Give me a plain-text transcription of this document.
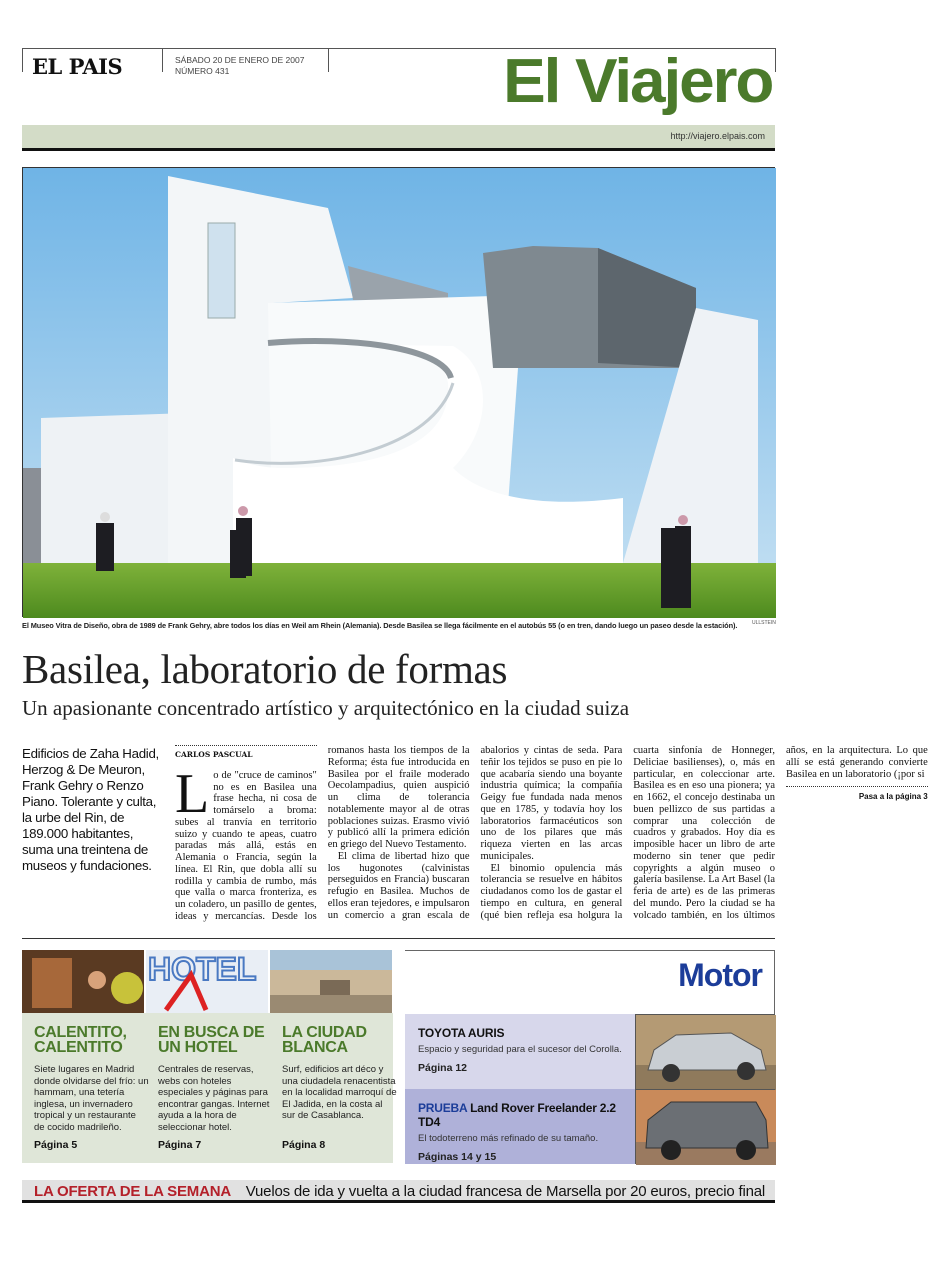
EL PAIS	SÁBADO 20 DE ENERO DE 2007
NÚMERO 431	El Viajero
http://viajero.elpais.com
El Museo Vitra de Diseño, obra de 1989 de Frank Gehry, abre todos los días en Weil am Rhein (Alemania). Desde Basilea se llega fácilmente en el autobús 55 (o en tren, dando luego un paseo desde la estación).	ULLSTEIN
Basilea, laboratorio de formas
Un apasionante concentrado artístico y arquitectónico en la ciudad suiza
Edificios de Zaha Hadid, Herzog & De Meuron, Frank Gehry o Renzo Piano. Tolerante y culta, la urbe del Rin, de 189.000 habitantes, suma una treintena de museos y fundaciones.
CARLOS PASCUAL

Lo de "cruce de caminos" no es en Basilea una frase hecha, ni cosa de tomárselo a broma: subes al tranvía en territorio suizo y cuando te apeas, cuatro paradas más allá, estás en Alemania o Francia, según la línea. El Rin, que dobla allí su rodilla y cambia de rumbo, más que valla o marca fronteriza, es un coladero, un pasillo de gentes, ideas y mercancías. Desde los romanos hasta los tiempos de la Reforma; ésta fue introducida en Basilea por el fraile moderado Oecolampadius, quien auspició un clima de tolerancia notablemente mayor al de otras poblaciones suizas. Erasmo vivió y publicó allí la primera edición en griego del Nuevo Testamento.

El clima de libertad hizo que los hugonotes (calvinistas perseguidos en Francia) buscaran refugio en Basilea. Muchos de ellos eran tejedores, e impulsaron un comercio a gran escala de abalorios y cintas de seda. Para teñir los tejidos se puso en pie lo que acabaría siendo una boyante industria química; la compañía Geigy fue fundada nada menos que en 1785, y todavía hoy los laboratorios farmacéuticos son uno de los pilares que más riqueza vierten en las arcas municipales.

El binomio opulencia más tolerancia se resuelve en hábitos ciudadanos como los de gastar el tiempo en cultura, en general (qué bien refleja esa holgura la cuarta sinfonía de Honneger, Deliciae basilienses), o, más en particular, en coleccionar arte. Basilea es en eso una pionera; ya en 1662, el concejo destinaba un buen pellizco de sus partidas a comprar una colección de cuadros y grabados. Hoy día es imposible hacer un libro de arte moderno sin tener que pedir copyrights a algún museo o galería basilense. La Art Basel (la feria de arte) es de las primeras del mundo. Pero la ciudad se ha volcado también, en los últimos años, en la arquitectura. Lo que allí se está generando convierte Basilea en un laboratorio (¡por si

Pasa a la página 3
HOTEL
CALENTITO, CALENTITO

Siete lugares en Madrid donde olvidarse del frío: un hammam, una tetería inglesa, un invernadero tropical y un restaurante de cocido madrileño.

Página 5
EN BUSCA DE UN HOTEL

Centrales de reservas, webs con hoteles especiales y páginas para encontrar gangas. Internet ayuda a la hora de seleccionar hotel.

Página 7
LA CIUDAD BLANCA

Surf, edificios art déco y una ciudadela renacentista en la localidad marroquí de El Jadida, en la costa al sur de Casablanca.

Página 8
Motor
TOYOTA AURIS

Espacio y seguridad para el sucesor del Corolla.

Página 12
PRUEBA Land Rover Freelander 2.2 TD4

El todoterreno más refinado de su tamaño.

Páginas 14 y 15
LA OFERTA DE LA SEMANA Vuelos de ida y vuelta a la ciudad francesa de Marsella por 20 euros, precio final
